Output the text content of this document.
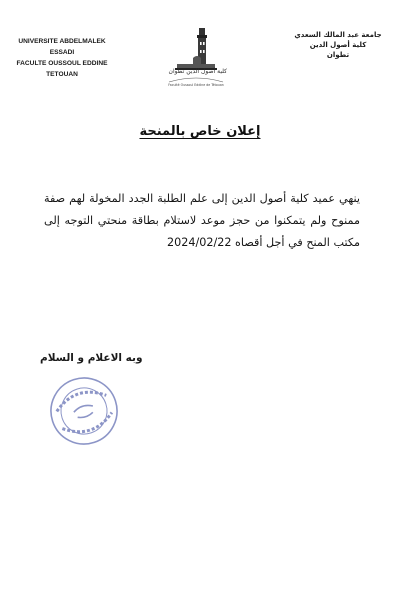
UNIVERSITE ABDELMALEK ESSADI
FACULTE OUSSOUL EDDINE
TETOUAN
Faculté Oussoul Eddine de Tétouan
كلية أصول الدين تطوان
جامعة عبد المالك السعدي
كلية أصول الدين
تطوان
إعلان خاص بالمنحة
ينهي عميد كلية أصول الدين إلى علم الطلبة الجدد المخولة لهم صفة ممنوح ولم يتمكنوا من حجز موعد لاستلام بطاقة منحتي التوجه إلى مكتب المنح في أجل أقصاه 2024/02/22
وبه الاعلام و السلام
